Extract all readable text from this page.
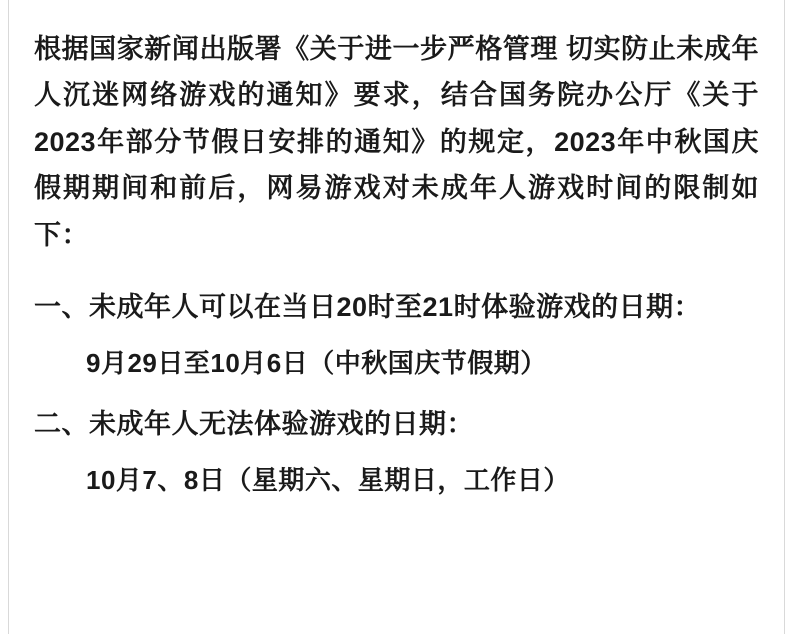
根据国家新闻出版署《关于进一步严格管理 切实防止未成年人沉迷网络游戏的通知》要求，结合国务院办公厅《关于2023年部分节假日安排的通知》的规定，2023年中秋国庆假期期间和前后，网易游戏对未成年人游戏时间的限制如下：

一、未成年人可以在当日20时至21时体验游戏的日期：

9月29日至10月6日（中秋国庆节假期）

二、未成年人无法体验游戏的日期：

10月7、8日（星期六、星期日，工作日）
